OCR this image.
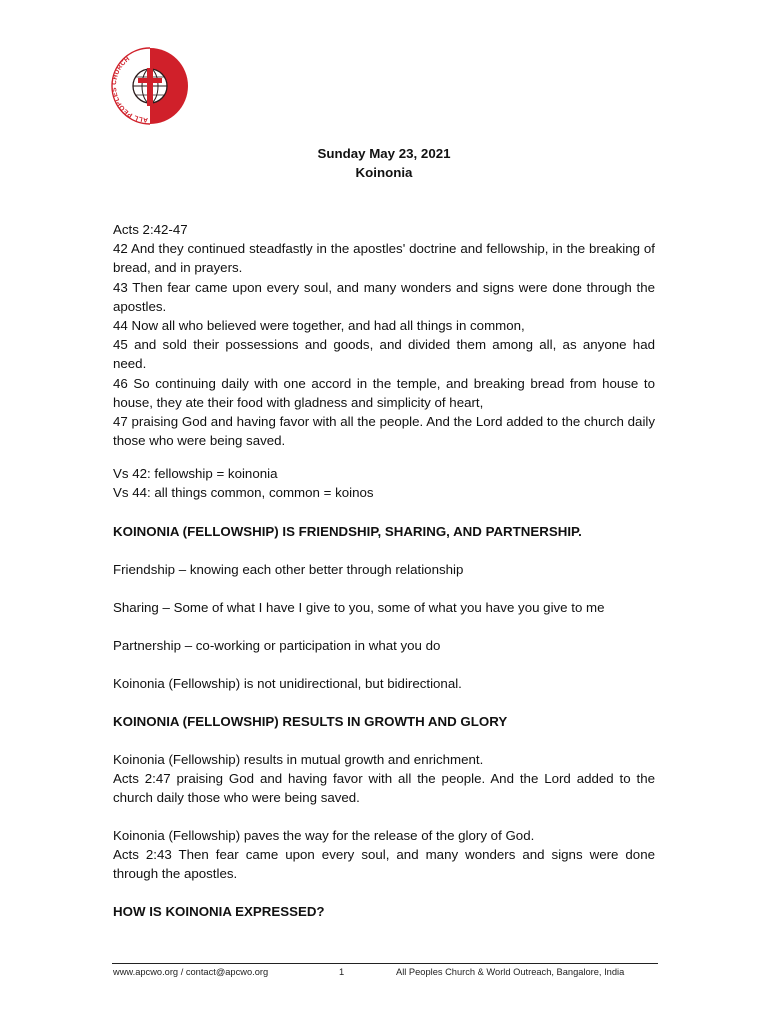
ALL PEOPLES CHURCH
Sunday May 23, 2021
Koinonia

Acts 2:42-47

42 And they continued steadfastly in the apostles' doctrine and fellowship, in the breaking of bread, and in prayers.

43 Then fear came upon every soul, and many wonders and signs were done through the apostles.

44 Now all who believed were together, and had all things in common,

45 and sold their possessions and goods, and divided them among all, as anyone had need.

46 So continuing daily with one accord in the temple, and breaking bread from house to house, they ate their food with gladness and simplicity of heart,

47 praising God and having favor with all the people. And the Lord added to the church daily those who were being saved.

Vs 42: fellowship = koinonia

Vs 44: all things common, common = koinos

KOINONIA (FELLOWSHIP) IS FRIENDSHIP, SHARING, AND PARTNERSHIP.
Friendship – knowing each other better through relationship
Sharing – Some of what I have I give to you, some of what you have you give to me
Partnership – co-working or participation in what you do
Koinonia (Fellowship) is not unidirectional, but bidirectional.
KOINONIA (FELLOWSHIP) RESULTS IN GROWTH AND GLORY

Koinonia (Fellowship) results in mutual growth and enrichment.

Acts 2:47 praising God and having favor with all the people. And the Lord added to the church daily those who were being saved.

Koinonia (Fellowship) paves the way for the release of the glory of God.

Acts 2:43 Then fear came upon every soul, and many wonders and signs were done through the apostles.

HOW IS KOINONIA EXPRESSED?
www.apcwo.org / contact@apcwo.org	1	All Peoples Church & World Outreach, Bangalore, India
